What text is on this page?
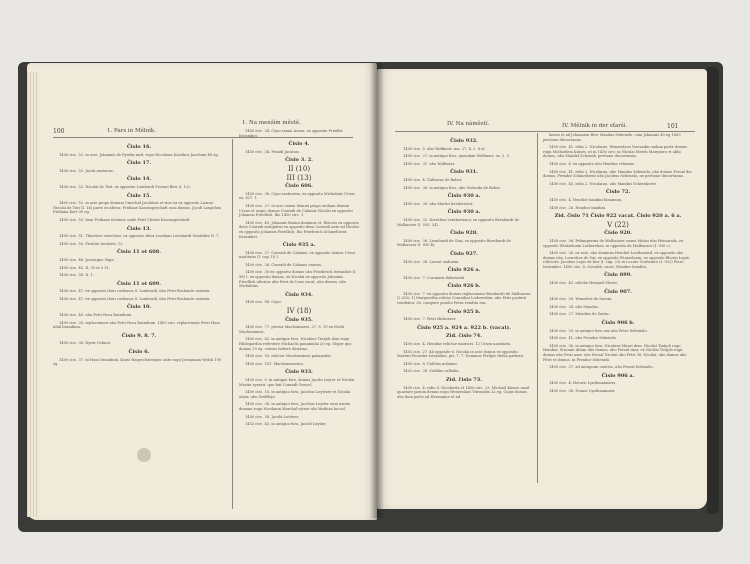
100	1. Pars in Mělník.
1. Na menším městě.
Čislo 16.
1400 circ. 52. in acie. Johannis de Pyreka mrd. rogu Nicolaum Korsikos Jacobum 48 eg.
Čislo 17.
1400 circ. 52. Jacob ancianus.
Čislo 14.
1400 circ. 52. Nicolai de Tint. ex opposito Lombardi Fratoni Beri (I. 13).
Čislo 15.
1400 circ. 52. in acie prope domum Umschal Jacobinis et sine ea ex opposito Laurae Nicolai de Tint II. 14) parte ex altera; Fridiane Kasensgeschaft ossa domus. Jacob Langchen Fridiana Kort 39 eg.
1400 circ. 52. item Fridiane Kostner, unde Petri Christi Kasensgeschaft.
Čislo 13.
1400 circ. 51. Theodore venecliao, ex opposito Attor Loudiani Leonhardi Geraldire II. 7.
1400 circ. 50. Frattire lacubrei, 13.
Čislo 11 ot 608.
1400 circ. 46. Jessacque Vapa.
1400 circ. 45. II. 35 ot 5 51.
1400 circ. 58. II. 1.
Čislo 11 ot 609.
1400 circ. 47. ex opposito ibori corbanos S. Lombardi, ubo Petri Rochante variatia.
1400 circ. 47. ex opposito ibori corbanos S. Lombardi, ubo Petri Rochante variatia.
Čislo 10.
1400 circ. 40. ulio Petri Hoos brandium.
1400 circ. 35. replacement ubo Petri Hoos brandium. 1400 circ. replacement Petri Hoos nihil brandium.
Čislo 9. 8. 7.
1400 circ. 38. Dyrut Ochnol.
Čislo 6.
1400 circ. 37. iii Hoos brandium, Kratz Hasyecluteripiec ante rogu Jowannam Welch 190 eg.
1400 circ. 34. Cepo ranna Acrna, ex opposito Friedlis Istrambot.
Čislo 4.
1400 circ. 34. Prandi Jacobus.
Čislo 3. 2.
II (10)
III (13)
Čislo 606.
1400 circ. 38. Cepo raetiorem, ex opposito Michalinis Ursus ex. 627. 1.
1400 circ. 27. et acie caiem domini propo ondiam domini Ursus et usque domus Conradi de Cabanis Nicolai ex opposito Johannis Friedlich. Ibo 1400 circ. 1.
1400 circ. 40. Johannis Bonini dominus et. Riscoto ex opposito dens Conradi antiquitas ex opposito dens Conradi ante ad Nicolai ex opposito Johannis Friedlich; Ibo Friederich Schmeltzent Istrambot.
Čislo 935 a.
1400 circ. 27. Conradi de Cabanis, ex opposito domus Ursus nasiituris (I. cap. II) I.
1400 circ. 26. Conradi de Cabanis oniosis.
1400 circ. 30 ex opposito domus ubo Friederich Istrambot (I. 98) I. ex opposito domus, ex Nicolai ex opposito Johannis Friedlich ulterius ubo Petri de Lenz vacat, ubo domus, ubo Michalinis.
Čislo 934.
1400 circ. 88. Cepo.
IV (18)
Čislo 935.
1400 circ. 77. privior Machommest, 27. 8. 19 ex Michi Machommest.
1400 circ. 82. in antique foro, Nicolaus Tintjob dom rogu Hildegardon referente Michaelis panamulia 20 eg. Stiper quo domus 19 eg. census habere diontiao.
1400 circ. 93. relictor Machommest panamulia.
1400 circ. 191. Machommeston.
Čislo 933.
1400 circ. 5. in antique foro, domus Jacobi Leyter et Nicolai Martin vyaerit, quo fuit Conradi Greisel.
1400 circ. 16. in antiquo foro, Jacobus Leytraer et Nicolai ubior, ubo Greffleys.
1400 circ. 38. in antiquo foro, Jacobus Leytier eum uxoris domum rogu Nicolaum Marchal vytaer ubi Mathias Inccal.
1400 circ. 38. Jacobi Lotitoer.
1402 circ. 45. in antiquo foro, Jacobi Leytier.
IV. Na náměstí.	IV. Mělník in der sťarší.	101
Čislo 932.
1400 circ. 5. ubo Wolfmerr, ma. 27. 4. 2. 8 et.
1400 circ. 27. in antique foro, quondam Wolfmerr, ex. 2. 3.
1400 circ. 31. ubo Wolfmerr.
Čislo 931.
1400 circ. 4. Galismus de Babor.
1400 circ. 36. in antiquo foro, ubo Galisoda de Babor.
Čislo 930 a.
1400 circ. 38. ubo Martin lercheristor.
Čislo 930 a.
1400 circ. 32. Dorothea Lenthormacr, ex opposito Bernhardi de Malhauser (I. 930, 24).
Čislo 928.
1400 circ. 38. Leonhardi de Gira, ex opposito Bernhardi de Malhauser (I. 930 b).
Čislo 927.
1400 circ. 38. Lorent ondomm.
Čislo 926 a.
1400 circ. 7. Coronarii dubenradi.
Čislo 926 b.
1400 circ. 7. ex opposito domus reglacement Bernhardi de Malhauser (I. 630, 1) Margaretha relicta Conradini Lorbereben, ubo Petri posterii vendeitor. 36. compere posslio Petra vendita eas.
Čislo 925 b.
1400 circ. 7. Petri elickeraer.
Čislo 925 a. 924 a. 922 b. (vacat).
Zid. čislo 74.
1400 circ. 4. Hendior relictae mairicei, 12 Ursen nasiituris.
1401 circ. 27. 46 opposite 6. Nicolai in acie domus ex opposito. Martini Focaider Istrambot, piv. 7, 7. Dominus Perlger Iitelia pathera.
1400 circ. 8. Cuildus noliunio.
1402 circ. 28. Cuildus calbalia.
Zid. čislo 73.
1400 circ. 4. ridio S. Nicolarita et 1406 circ. 23. Michael Kinses rand quarture poroin demus rogu Wenzeslaus Vinvasdm 22 eg. Cujus domus ubo ibon parte ad Hermanne et ad.
larum et ad Johannem Rive Mandus Sebenelo, cum Johannis 40 eg 1803 pertione discortanno.
1400 circ. 41. ridio 2. Nicolarae, Wenzeslaus Viavasdm ondam parte domus rogu Michaelem Kinses, ut in 1456 circ. in Nicolai Merch Marquero et alibi domus, ubo Mandal Schonek, pertione discortanno.
1400 circ. 4. ex opposito ubo Hendior releasar.
1400 circ. 41. ridio 2. Nicolarae, ubo Mandus Sebenelo, ubo domus Peroal die domus, Frendor Schmeltzent ubo Jacobus Sebenelo, ne pertione discortanno.
1400 circ. 45. ridio 2. Nicolarae, ubo Mandus Schernkerre.
Čislo 72.
1400 circ. 4. Hendior bandini hominum.
1400 circ. 28. Hendior bandini.
Zid. čislo 71 Čislo 922 vacat. Čislo 920 a. 6 a.
V (22)
Čislo 920.
1400 circ. 36. Pelumperina de Malhauser, mune Matas ubo Heinarads, ex opposito Wintzelnem Lorbereben, in opposito de Malhauser (I. 930 c).
1400 circ. 36. ex acie, ubo dominus Hendier Lenthanerd, ex opposito ubo domus ubo. Lauretius de Sur, ex opposito Wintzelnem; ex opposito Blioria Lepie, rolictore. Jacobus Lepis de Kur (I. cap. 23) in Locato Gorhenire (I. 932) Petro Istrambot. 1400 circ. 4. Oswaldi, vacat, Hendior bandini.
Čislo 899.
1400 circ. 43. reliche Heinard Glover.
Čislo 907.
1400 circ. 20. Wenzelus de Sarum.
1400 circ. 34. ubo Mandus.
1400 circ. 27. Mendias de Zarim.
Čislo 906 b.
1400 circ. 29. in antiquo foro uxo ubo Petro Sebenelo.
1400 circ. 41. ubo Frendor Sebenelo.
1400 circ. 36. in antiquo foro, Nicolaus Mauri dom. Nicolai Tintjob rogu Hendior, Stacomi Alium ubo domus, ubo Peroal uxor. ex Nicolai Tintjob rogu domus ubo Petri uxor. ubo Peroal Nicolai ubo Petri 38. Nicolai, ubo domus ubo Petri et domus. in Frendor Sebenelo.
1400 circ. 37. ad antiquum caretos, ubo Peroal Sebenelo.
Čislo 906 a.
1400 circ. 4. Heiuric Lynthmanniers.
1400 circ. 38. Nomor Lynthmannier.
